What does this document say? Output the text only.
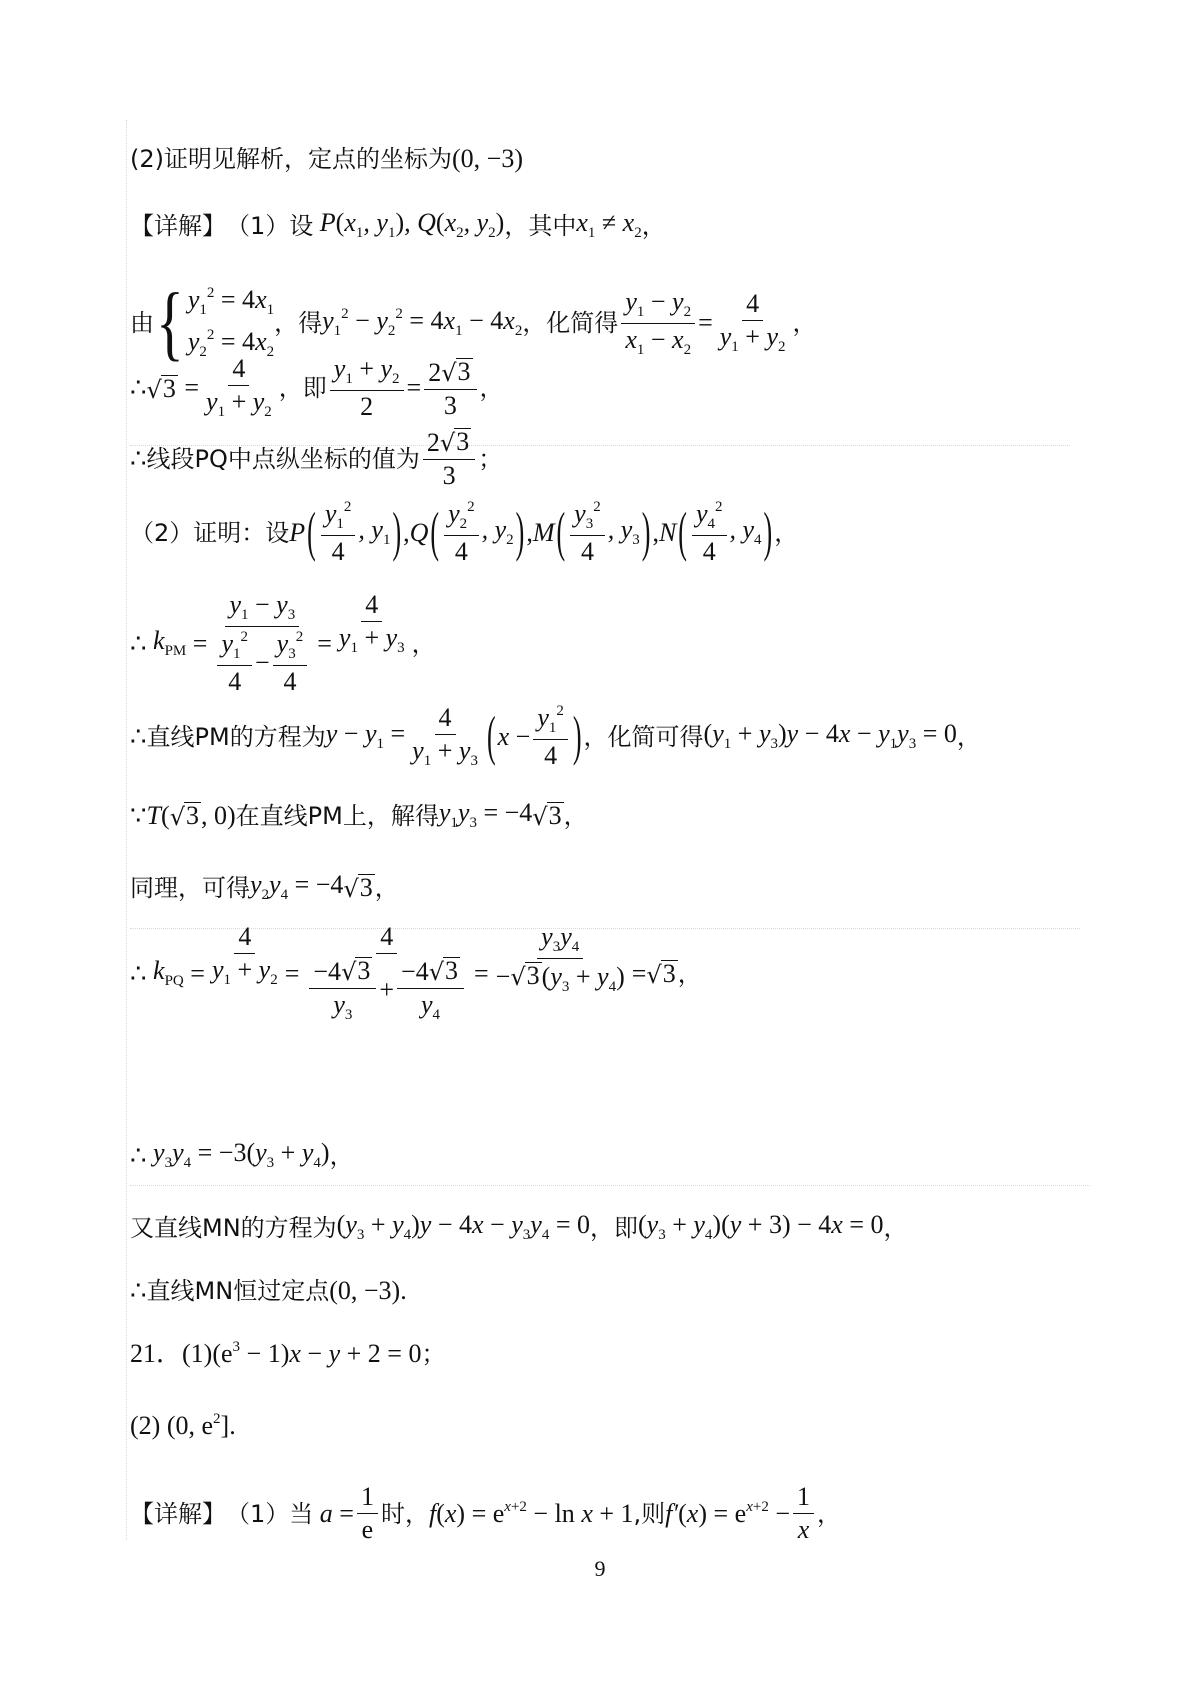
(2)证明见解析，定点的坐标为 (0, −3)
【详解】 （1）设 $P(x_1$, $y_1$), $Q(x_2$, $y_2$) ，其中 $x_1 \ne x_2$ ，
由 { $y_1^2 = 4x_1$
$y_2^2 = 4x_2$
，得 $y_1^2 - y_2^2 = 4x_1 - 4x_2$ ，化简得 $\frac{y_1 - y_2}{x_1 - x_2} = \frac{4}{y_1 + y_2}$ ，
∴ √ $3 = \frac{4}{y_1 + y_2}$ ，即 $\frac{y_1 + y_2}{2} = \frac{2 √ 3}{3}$ ，
∴ 线段PQ中点纵坐标的值为 $\frac{2 √ 3}{3}$ ；
（2）证明：设 P ( $\frac{y_1^2}{4}$ , $y_1$ ) , Q ( $\frac{y_2^2}{4}$ , $y_2$ ) , M ( $\frac{y_3^2}{4}$ , $y_3$ ) , N ( $\frac{y_4^2}{4}$ , $y_4$ ) ，
∴ $k_{PM} = \frac{y_1 - y_3}{\frac{y_1^2}{4} - \frac{y_3^2}{4}} = \frac{4}{y_1 + y_3}$ ，
∴ 直线PM的方程为 $y - y_1 = \frac{4}{y_1 + y_3}$ ( $x - \frac{y_1^2}{4}$ ) ，化简可得 $(y_1 + y_3)y - 4x - y_1y_3 = 0$ ，
∵ T ( √ 3 , 0) 在直线PM上，解得 $y_1y_3 = -4$ √ 3 ，
同理，可得 $y_2y_4 = -4$ √ 3 ，
∴ $k_{PQ} = \frac{4}{y_1 + y_2} = \frac{4}{\frac{-4 √ 3}{y_3} + \frac{-4 √ 3}{y_4}} = \frac{y_3y_4}{- √ 3 (y_3 + y_4)}$ = √ 3 ，
∴ $y_3y_4 = -3(y_3 + y_4)$ ，
又直线MN的方程为 $(y_3 + y_4)y - 4x - y_3y_4 = 0$ ，即 $(y_3 + y_4)(y + 3) - 4x = 0$ ，
∴ 直线MN恒过定点 (0, −3) .
21． (1) $(e^3 - 1)x - y + 2 = 0$ ；
(2) (0, $e^2$] .
【详解】 （1）当 $a = \frac{1}{e}$ 时， $f(x) = e^{x+2} - \ln x + 1$ ,则 $f'(x) = e^{x+2} - \frac{1}{x}$ ，
9
